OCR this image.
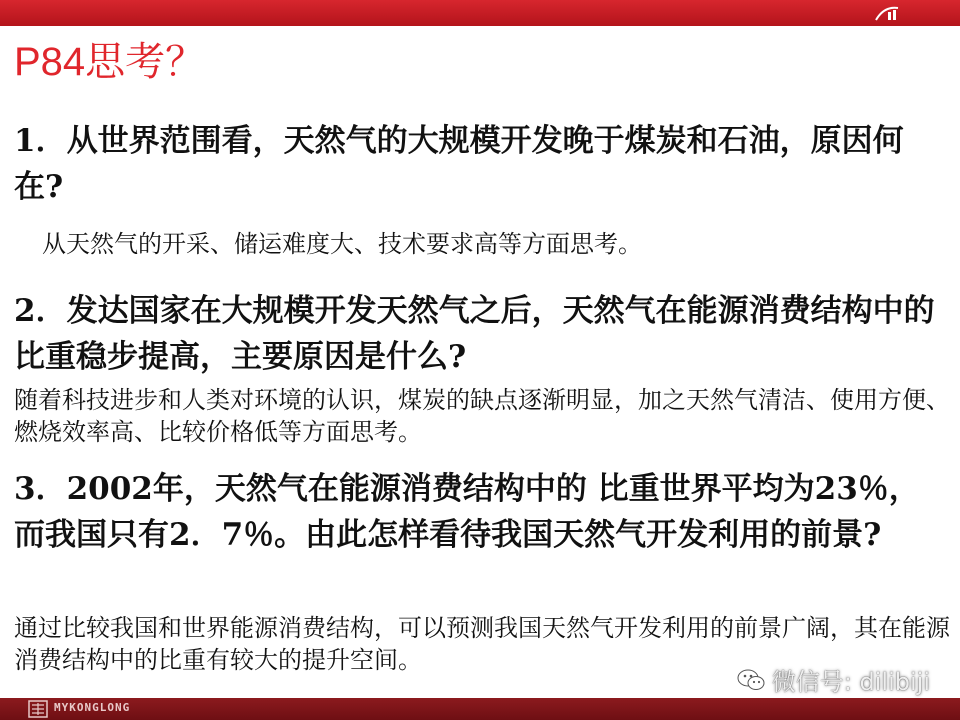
P84思考？

1．从世界范围看，天然气的大规模开发晚于煤炭和石油，原因何在?

从天然气的开采、储运难度大、技术要求高等方面思考。

2．发达国家在大规模开发天然气之后，天然气在能源消费结构中的比重稳步提高，主要原因是什么?

随着科技进步和人类对环境的认识，煤炭的缺点逐渐明显，加之天然气清洁、使用方便、燃烧效率高、比较价格低等方面思考。

3．2002年，天然气在能源消费结构中的 比重世界平均为23％，而我国只有2．7％。由此怎样看待我国天然气开发利用的前景?

通过比较我国和世界能源消费结构，可以预测我国天然气开发利用的前景广阔，其在能源消费结构中的比重有较大的提升空间。

MYKONGLONG
微信号: dilibiji
